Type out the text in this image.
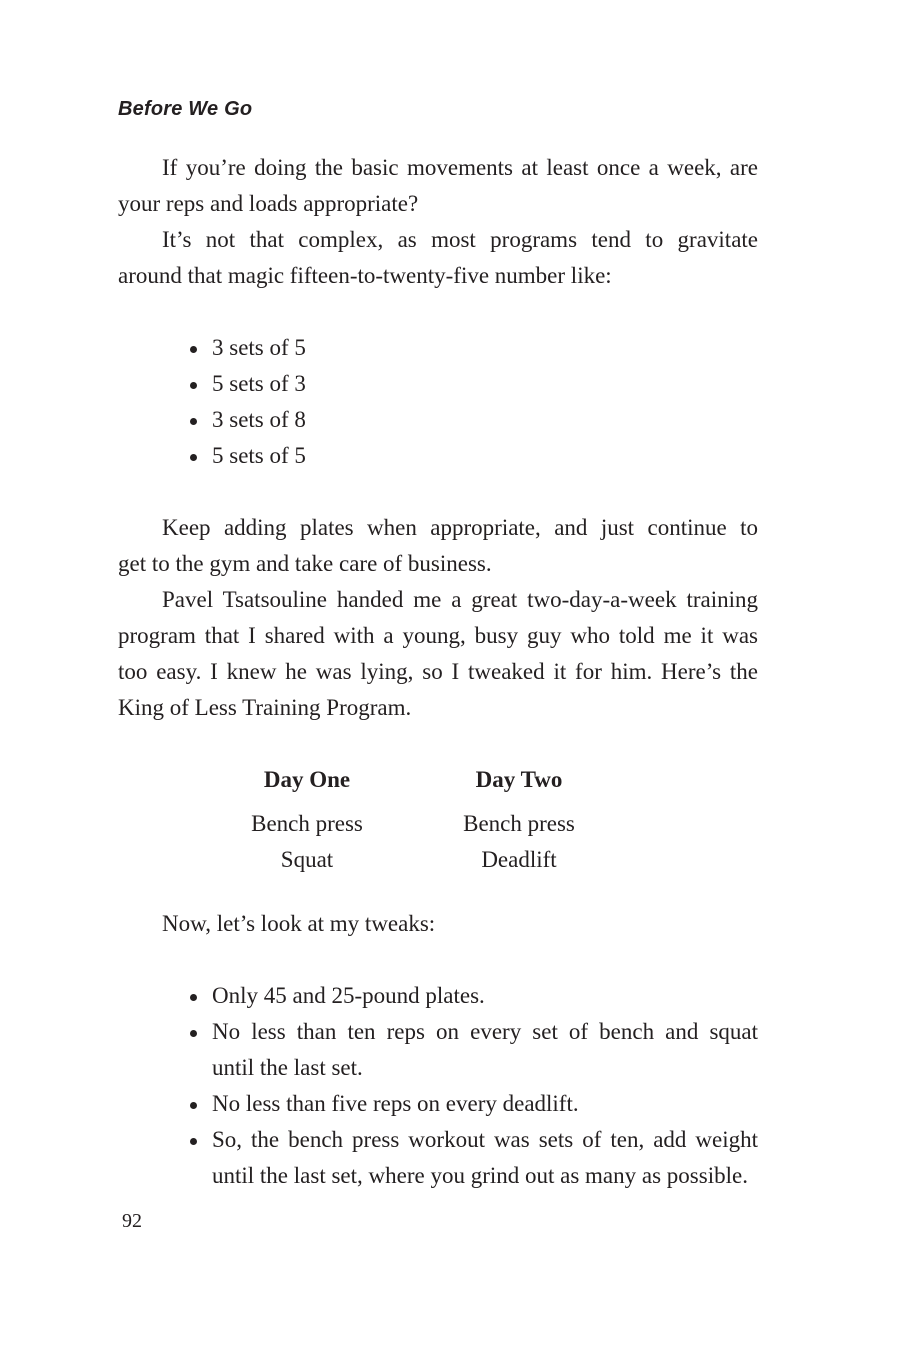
Before We Go
If you’re doing the basic movements at least once a week, are
your reps and loads appropriate?
It’s not that complex, as most programs tend to gravitate
around that magic fifteen-to-twenty-five number like:
3 sets of 5
5 sets of 3
3 sets of 8
5 sets of 5
Keep adding plates when appropriate, and just continue to
get to the gym and take care of business.
Pavel Tsatsouline handed me a great two-day-a-week training
program that I shared with a young, busy guy who told me it was
too easy. I knew he was lying, so I tweaked it for him. Here’s the
King of Less Training Program.
Day One
Bench press
Squat
Day Two
Bench press
Deadlift
Now, let’s look at my tweaks:
Only 45 and 25-pound plates.
No less than ten reps on every set of bench and squat
until the last set.
No less than five reps on every deadlift.
So, the bench press workout was sets of ten, add weight
until the last set, where you grind out as many as possible.
92
